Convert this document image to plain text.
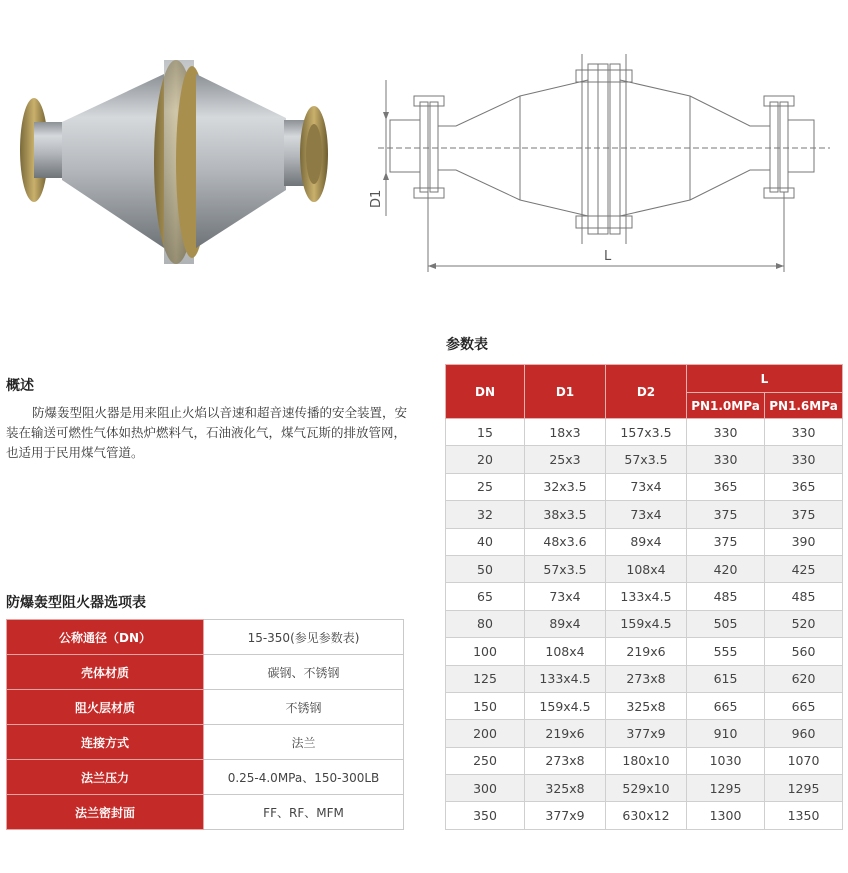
D1
L
概述
防爆轰型阻火器是用来阻止火焰以音速和超音速传播的安全装置，安装在输送可燃性气体如热炉燃料气，石油液化气，煤气瓦斯的排放管网，也适用于民用煤气管道。
防爆轰型阻火器选项表
公称通径（DN）	15-350(参见参数表)
壳体材质	碳钢、不锈钢
阻火层材质	不锈钢
连接方式	法兰
法兰压力	0.25-4.0MPa、150-300LB
法兰密封面	FF、RF、MFM
参数表
DN	D1	D2	L	
			PN1.0MPa	PN1.6MPa
15	18x3	157x3.5	330	330
20	25x3	57x3.5	330	330
25	32x3.5	73x4	365	365
32	38x3.5	73x4	375	375
40	48x3.6	89x4	375	390
50	57x3.5	108x4	420	425
65	73x4	133x4.5	485	485
80	89x4	159x4.5	505	520
100	108x4	219x6	555	560
125	133x4.5	273x8	615	620
150	159x4.5	325x8	665	665
200	219x6	377x9	910	960
250	273x8	180x10	1030	1070
300	325x8	529x10	1295	1295
350	377x9	630x12	1300	1350
